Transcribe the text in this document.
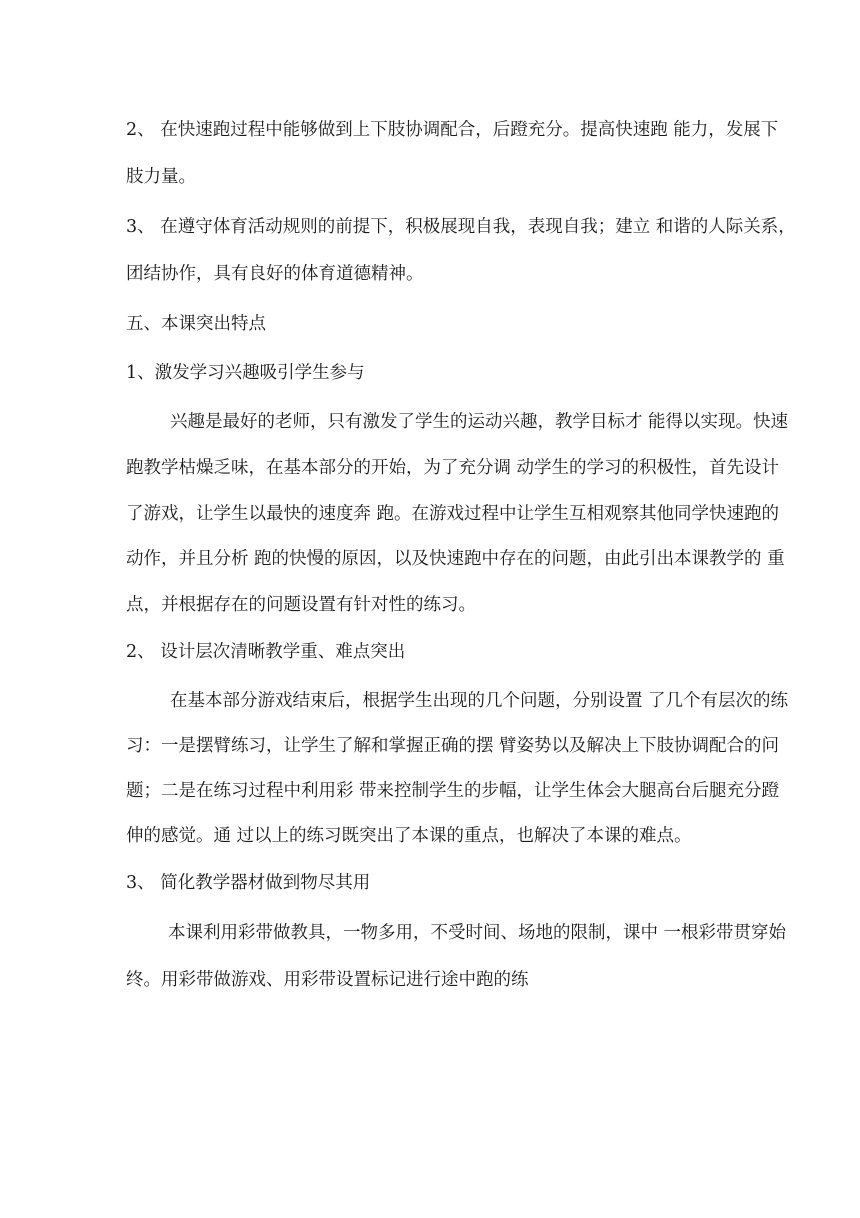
2、 在快速跑过程中能够做到上下肢协调配合，后蹬充分。提高快速跑 能力，发展下
肢力量。
3、 在遵守体育活动规则的前提下，积极展现自我，表现自我；建立 和谐的人际关系，
团结协作，具有良好的体育道德精神。
五、本课突出特点
1、激发学习兴趣吸引学生参与
兴趣是最好的老师，只有激发了学生的运动兴趣，教学目标才 能得以实现。快速
跑教学枯燥乏味，在基本部分的开始，为了充分调 动学生的学习的积极性，首先设计
了游戏，让学生以最快的速度奔 跑。在游戏过程中让学生互相观察其他同学快速跑的
动作，并且分析 跑的快慢的原因，以及快速跑中存在的问题，由此引出本课教学的 重
点，并根据存在的问题设置有针对性的练习。
2、 设计层次清晰教学重、难点突出
在基本部分游戏结束后，根据学生出现的几个问题，分别设置 了几个有层次的练
习：一是摆臂练习，让学生了解和掌握正确的摆 臂姿势以及解决上下肢协调配合的问
题；二是在练习过程中利用彩 带来控制学生的步幅，让学生体会大腿高台后腿充分蹬
伸的感觉。通 过以上的练习既突出了本课的重点，也解决了本课的难点。
3、 简化教学器材做到物尽其用
本课利用彩带做教具，一物多用，不受时间、场地的限制，课中 一根彩带贯穿始
终。用彩带做游戏、用彩带设置标记进行途中跑的练
